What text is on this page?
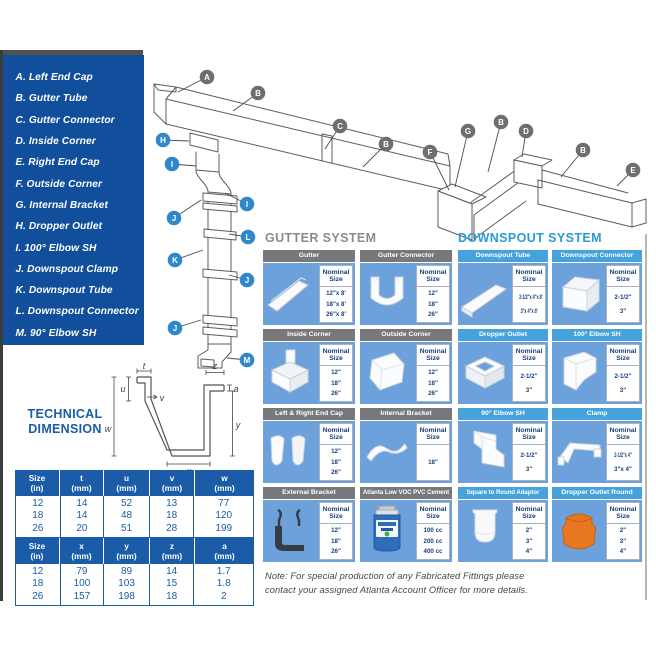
A. Left End Cap
B. Gutter Tube
C. Gutter Connector
D. Inside Corner
E. Right End Cap
F. Outside Corner
G. Internal Bracket
H. Dropper Outlet
I. 100° Elbow SH
J. Downspout Clamp
K. Downspout Tube
L. Downspout Connector
M. 90° Elbow SH
A
B
C
B
H
I
F
G
B
D
B
E
I
J
L
K
J
J
M
GUTTER SYSTEM	DOWNSPOUT SYSTEM
Gutter
Nominal
Size
12"x 8'
18"x 8'
26"x 8'
Gutter Connector
Nominal
Size
12"
18"
26"
Inside Corner
Nominal
Size
12"
18"
26"
Outside Corner
Nominal
Size
12"
18"
26"
Left & Right End Cap
Nominal
Size
12"
18"
26"
Internal Bracket
Nominal
Size
18"
External Bracket
Nominal
Size
12"
18"
26"
Atlanta Low VOC PVC Cement
Nominal
Size
100 cc
200 cc
400 cc
Downspout Tube
Nominal
Size
2-1/2"x 4"x 8'
3"x 4"x 8'
Downspout Connector
Nominal
Size
2-1/2"
3"
Dropper Outlet
Nominal
Size
2-1/2"
3"
100° Elbow SH
Nominal
Size
2-1/2"
3"
90° Elbow SH
Nominal
Size
2-1/2"
3"
Clamp
Nominal
Size
2-1/2"x 4"
3"x 4"
Square to Round Adaptor
Nominal
Size
2"
3"
4"
Dropper Outlet Round
Nominal
Size
2"
3"
4"
TECHNICAL
DIMENSION
t
u
v
w
z
a
y
Size
(in)
t
(mm)
u
(mm)
v
(mm)
w
(mm)
12
18
26
14
14
20
52
48
51
13
18
28
77
120
199
Size
(in)
x
(mm)
y
(mm)
z
(mm)
a
(mm)
12
18
26
79
100
157
89
103
198
14
15
18
1.7
1.8
2
Note: For special production of any Fabricated Fittings please
contact your assigned Atlanta Account Officer for more details.
